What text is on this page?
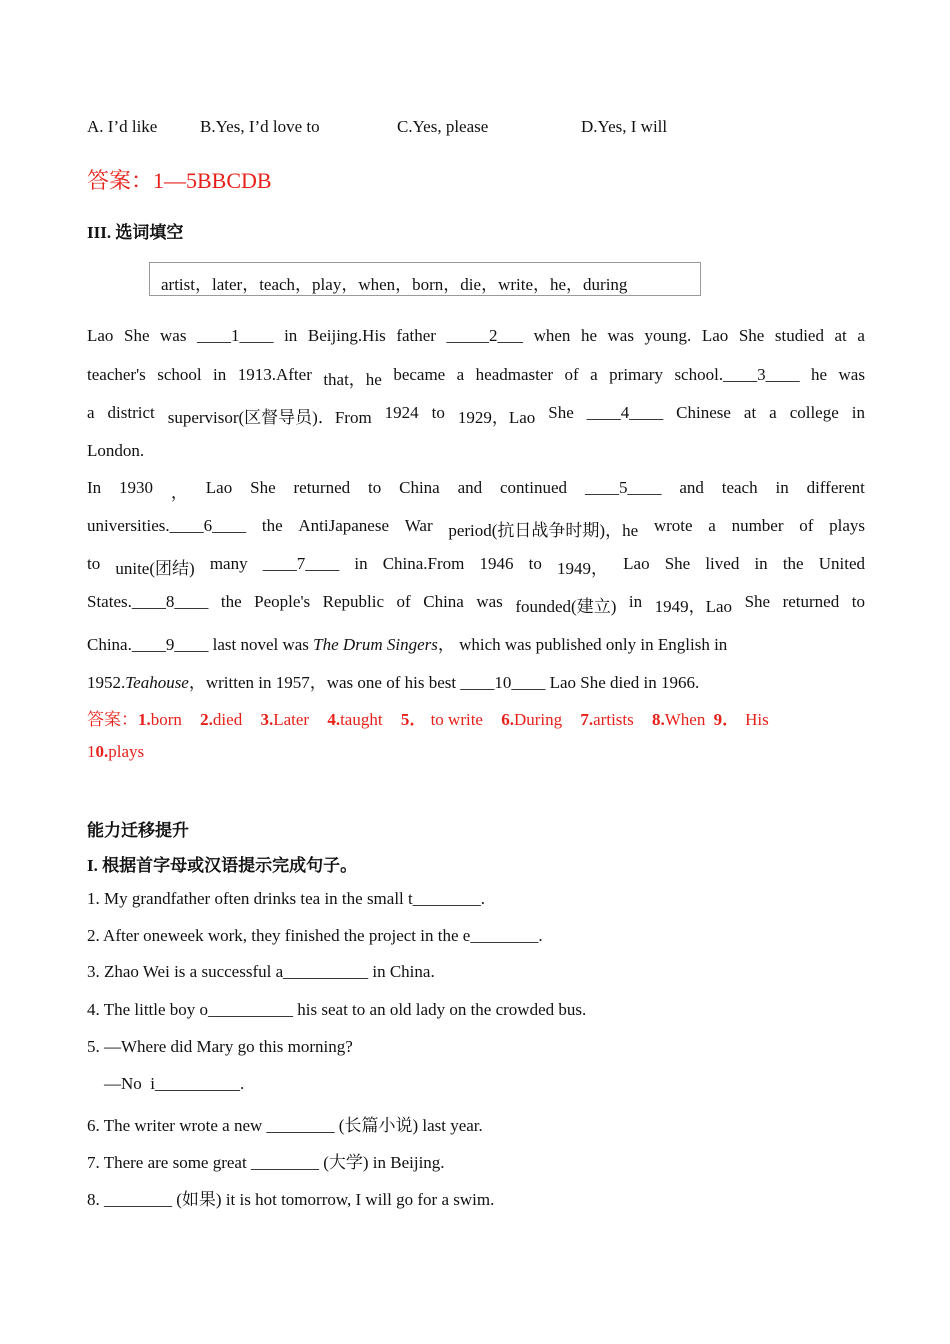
A. I’d like	B.Yes, I’d love to	C.Yes, please	D.Yes, I will
答案：1—5BBCDB
III. 选词填空
artist，later，teach，play，when，born，die，write，he，during
Lao She was ____1____ in Beijing.His father _____2___ when he was young. Lao She studied at a
teacher's school in 1913.After that，he became a headmaster of a primary school.____3____ he was
a district supervisor(区督导员)．From 1924 to 1929，Lao She ____4____ Chinese at a college in
London.
In 1930 ， Lao She returned to China and continued ____5____ and teach in different
universities.____6____ the AntiJapanese War period(抗日战争时期)，he wrote a number of plays
to unite(团结) many ____7____ in China.From 1946 to 1949， Lao She lived in the United
States.____8____ the People's Republic of China was founded(建立) in 1949，Lao She returned to
China.____9____ last novel was The Drum Singers， which was published only in English in
1952.Teahouse，written in 1957，was one of his best ____10____ Lao She died in 1966.
答案：1.born 2.died 3.Later 4.taught 5． to write 6.During 7.artists 8.When 9． His
10.plays
能力迁移提升
I. 根据首字母或汉语提示完成句子。
1. My grandfather often drinks tea in the small t________.
2. After oneweek work, they finished the project in the e________.
3. Zhao Wei is a successful a__________ in China.
4. The little boy o__________ his seat to an old lady on the crowded bus.
5. —Where did Mary go this morning?
—No  i__________.
6. The writer wrote a new ________ (长篇小说) last year.
7. There are some great ________ (大学) in Beijing.
8. ________ (如果) it is hot tomorrow, I will go for a swim.
